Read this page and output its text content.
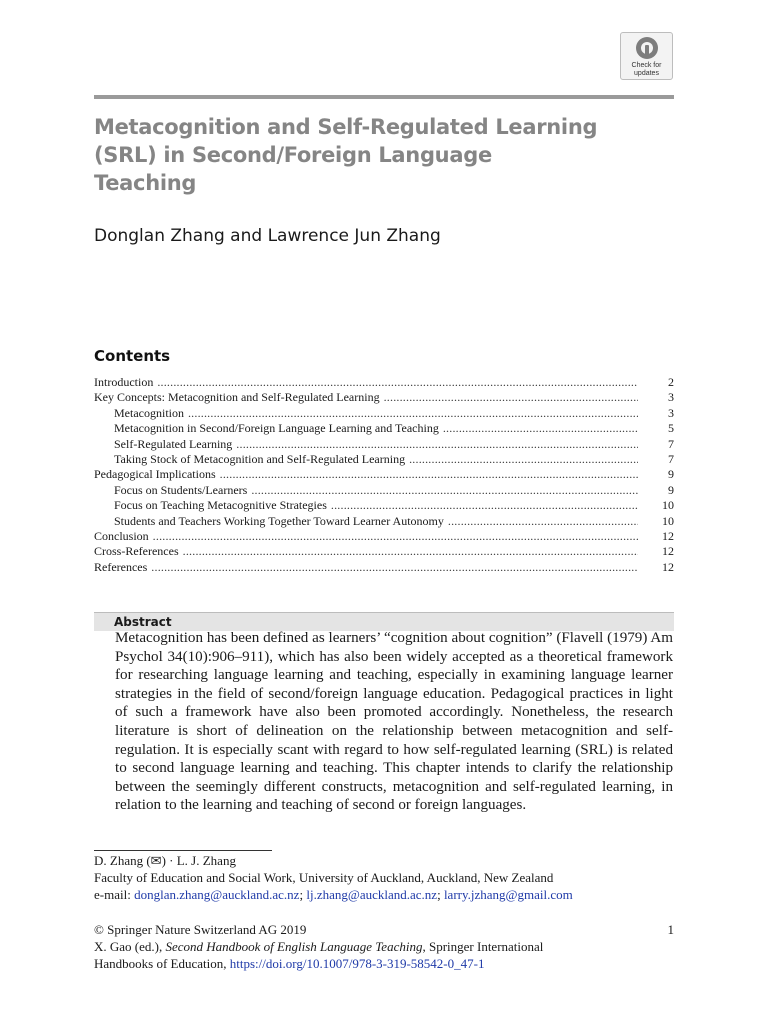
Check for
updates
Metacognition and Self-Regulated Learning
(SRL) in Second/Foreign Language
Teaching
Donglan Zhang and Lawrence Jun Zhang
Contents
Introduction . . .	2
Key Concepts: Metacognition and Self-Regulated Learning . . .	3
Metacognition . . .	3
Metacognition in Second/Foreign Language Learning and Teaching . . .	5
Self-Regulated Learning . . .	7
Taking Stock of Metacognition and Self-Regulated Learning . . .	7
Pedagogical Implications . . .	9
Focus on Students/Learners . . .	9
Focus on Teaching Metacognitive Strategies . . .	10
Students and Teachers Working Together Toward Learner Autonomy . . .	10
Conclusion . . .	12
Cross-References . . .	12
References . . .	12
Abstract
Metacognition has been defined as learners’ “cognition about cognition” (Flavell (1979) Am Psychol 34(10):906–911), which has also been widely accepted as a theoretical framework for researching language learning and teaching, especially in examining language learner strategies in the field of second/foreign language education. Pedagogical practices in light of such a framework have also been promoted accordingly. Nonetheless, the research literature is short of delineation on the relationship between metacognition and self-regulation. It is especially scant with regard to how self-regulated learning (SRL) is related to second language learning and teaching. This chapter intends to clarify the relationship between the seemingly different constructs, metacognition and self-regulated learning, in relation to the learning and teaching of second or foreign languages.
D. Zhang (✉) · L. J. Zhang
Faculty of Education and Social Work, University of Auckland, Auckland, New Zealand
e-mail: donglan.zhang@auckland.ac.nz; lj.zhang@auckland.ac.nz; larry.jzhang@gmail.com
© Springer Nature Switzerland AG 2019
X. Gao (ed.), Second Handbook of English Language Teaching, Springer International
Handbooks of Education, https://doi.org/10.1007/978-3-319-58542-0_47-1
1
